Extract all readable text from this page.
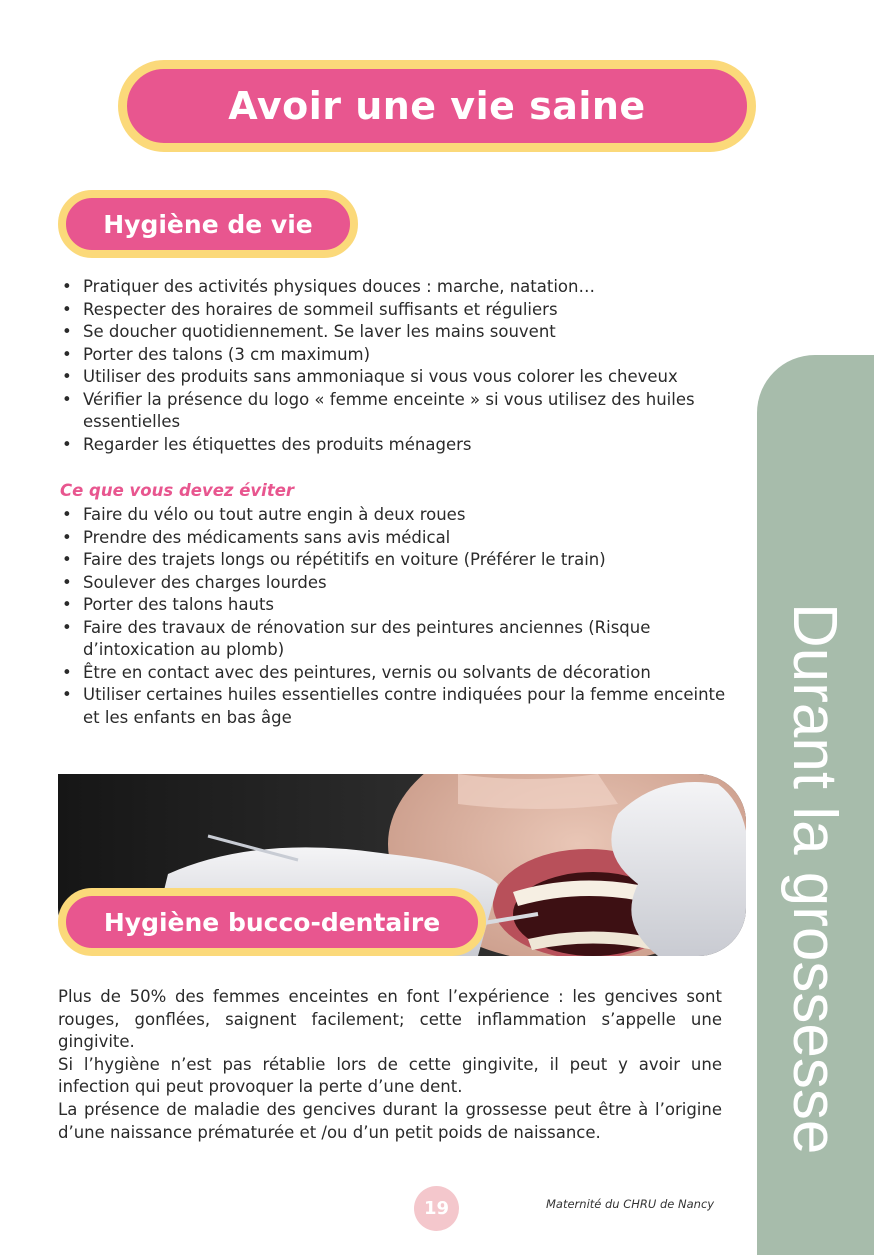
Avoir une vie saine
Hygiène de vie
• Pratiquer des activités physiques douces : marche, natation…
• Respecter des horaires de sommeil suffisants et réguliers
• Se doucher quotidiennement. Se laver les mains souvent
• Porter des talons (3 cm maximum)
• Utiliser des produits sans ammoniaque si vous vous colorer les cheveux
• Vérifier la présence du logo « femme enceinte » si vous utilisez des huiles essentielles
• Regarder les étiquettes des produits ménagers
Ce que vous devez éviter
• Faire du vélo ou tout autre engin à deux roues
• Prendre des médicaments sans avis médical
• Faire des trajets longs ou répétitifs en voiture (Préférer le train)
• Soulever des charges lourdes
• Porter des talons hauts
• Faire des travaux de rénovation sur des peintures anciennes (Risque d’intoxication au plomb)
• Être en contact avec des peintures, vernis ou solvants de décoration
• Utiliser certaines huiles essentielles contre indiquées pour la femme enceinte et les enfants en bas âge
Hygiène bucco-dentaire

Plus de 50% des femmes enceintes en font l’expérience : les gencives sont rouges, gonflées, saignent facilement; cette inflammation s’appelle une gingivite.

Si l’hygiène n’est pas rétablie lors de cette gingivite, il peut y avoir une infection qui peut provoquer la perte d’une dent.

La présence de maladie des gencives durant la grossesse peut être à l’origine d’une naissance prématurée et /ou d’un petit poids de naissance.	Durant la grossesse
19	Maternité du CHRU de Nancy
